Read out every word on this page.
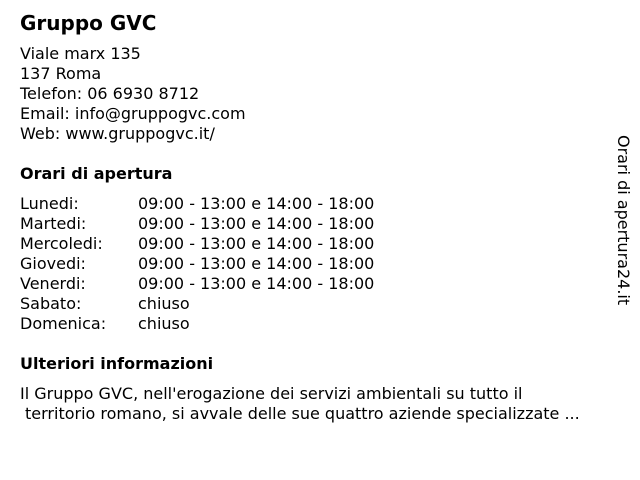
Gruppo GVC
Viale marx 135
137 Roma
Telefon: 06 6930 8712
Email: info@gruppogvc.com
Web: www.gruppogvc.it/
Orari di apertura
Lunedi:	09:00 - 13:00 e 14:00 - 18:00
Martedi:	09:00 - 13:00 e 14:00 - 18:00
Mercoledi:	09:00 - 13:00 e 14:00 - 18:00
Giovedi:	09:00 - 13:00 e 14:00 - 18:00
Venerdi:	09:00 - 13:00 e 14:00 - 18:00
Sabato:	chiuso
Domenica:	chiuso
Ulteriori informazioni
Il Gruppo GVC, nell'erogazione dei servizi ambientali su tutto il
territorio romano, si avvale delle sue quattro aziende specializzate ...
Orari di apertura24.it
